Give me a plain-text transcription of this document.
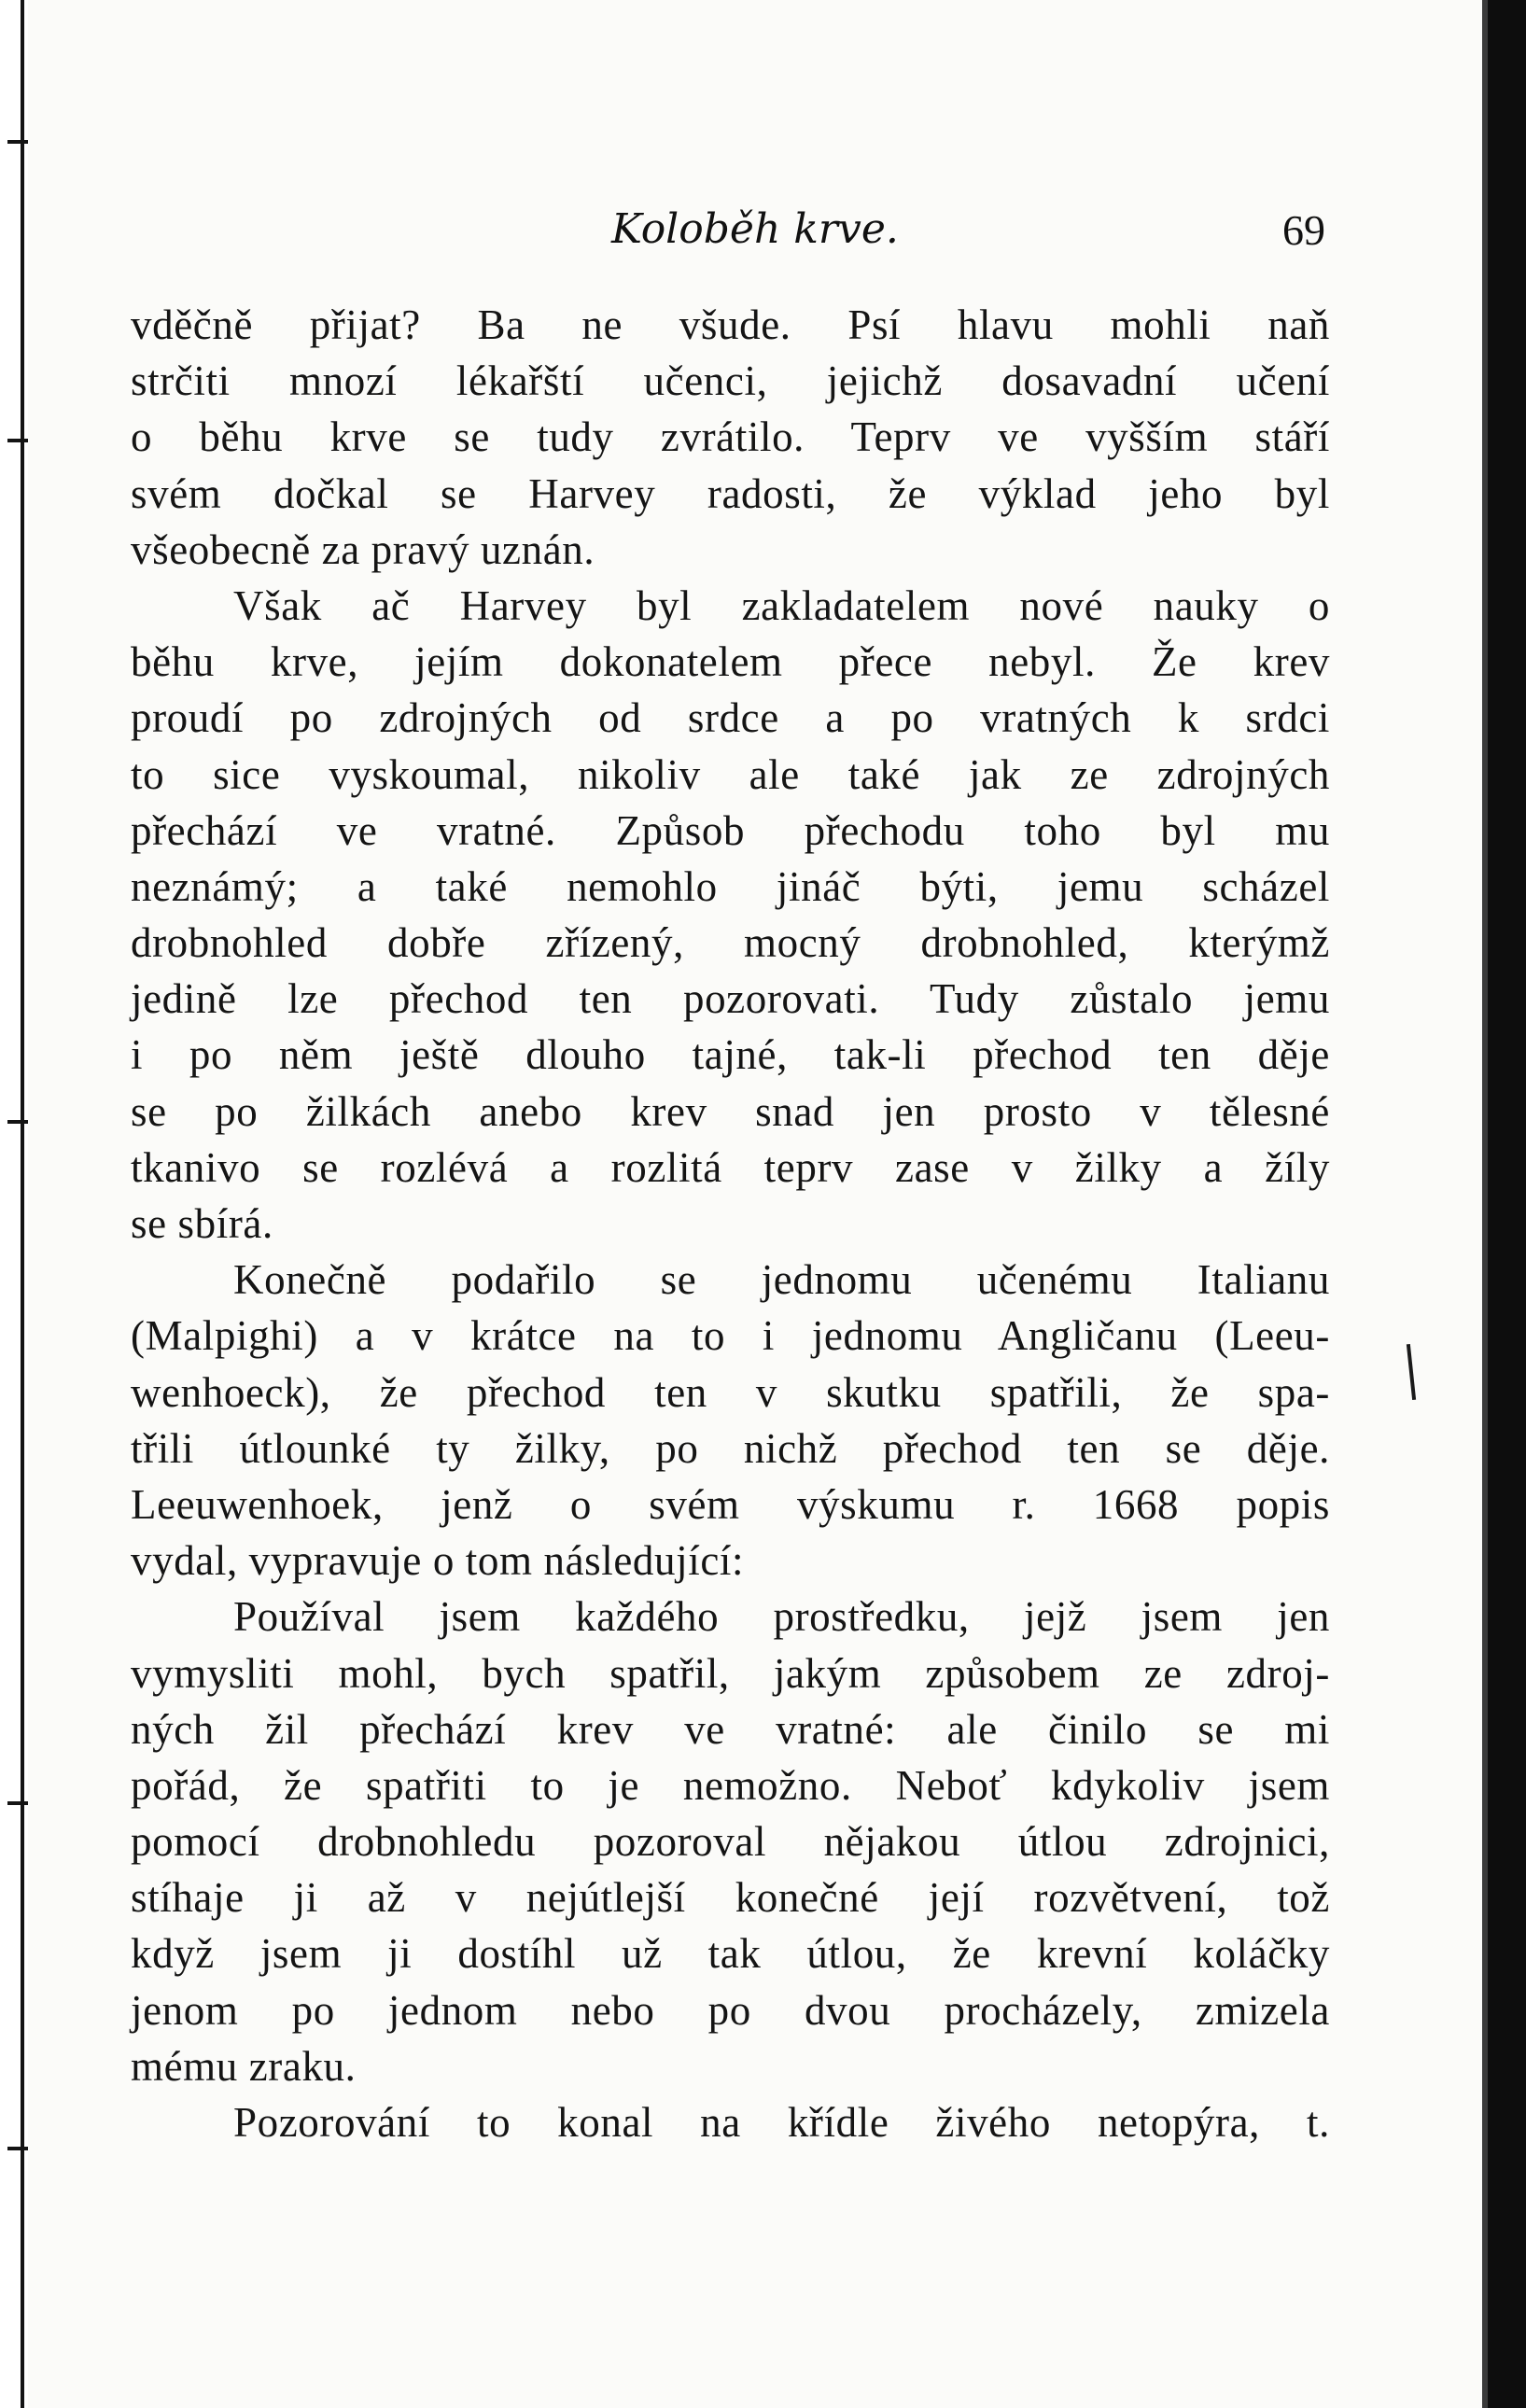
Koloběh krve.	69
vděčně přijat? Ba ne všude. Psí hlavu mohli naň
strčiti mnozí lékařští učenci, jejichž dosavadní učení
o běhu krve se tudy zvrátilo. Teprv ve vyšším stáří
svém dočkal se Harvey radosti, že výklad jeho byl
všeobecně za pravý uznán.
Však ač Harvey byl zakladatelem nové nauky o
běhu krve, jejím dokonatelem přece nebyl. Že krev
proudí po zdrojných od srdce a po vratných k srdci
to sice vyskoumal, nikoliv ale také jak ze zdrojných
přechází ve vratné. Způsob přechodu toho byl mu
neznámý; a také nemohlo jináč býti, jemu scházel
drobnohled dobře zřízený, mocný drobnohled, kterýmž
jedině lze přechod ten pozorovati. Tudy zůstalo jemu
i po něm ještě dlouho tajné, tak-li přechod ten děje
se po žilkách anebo krev snad jen prosto v tělesné
tkanivo se rozlévá a rozlitá teprv zase v žilky a žíly
se sbírá.
Konečně podařilo se jednomu učenému Italianu
(Malpighi) a v krátce na to i jednomu Angličanu (Leeu-
wenhoeck), že přechod ten v skutku spatřili, že spa-
třili útlounké ty žilky, po nichž přechod ten se děje.
Leeuwenhoek, jenž o svém výskumu r. 1668 popis
vydal, vypravuje o tom následující:
Používal jsem každého prostředku, jejž jsem jen
vymysliti mohl, bych spatřil, jakým způsobem ze zdroj-
ných žil přechází krev ve vratné: ale činilo se mi
pořád, že spatřiti to je nemožno. Neboť kdykoliv jsem
pomocí drobnohledu pozoroval nějakou útlou zdrojnici,
stíhaje ji až v nejútlejší konečné její rozvětvení, tož
když jsem ji dostíhl už tak útlou, že krevní koláčky
jenom po jednom nebo po dvou procházely, zmizela
mému zraku.
Pozorování to konal na křídle živého netopýra, t.
